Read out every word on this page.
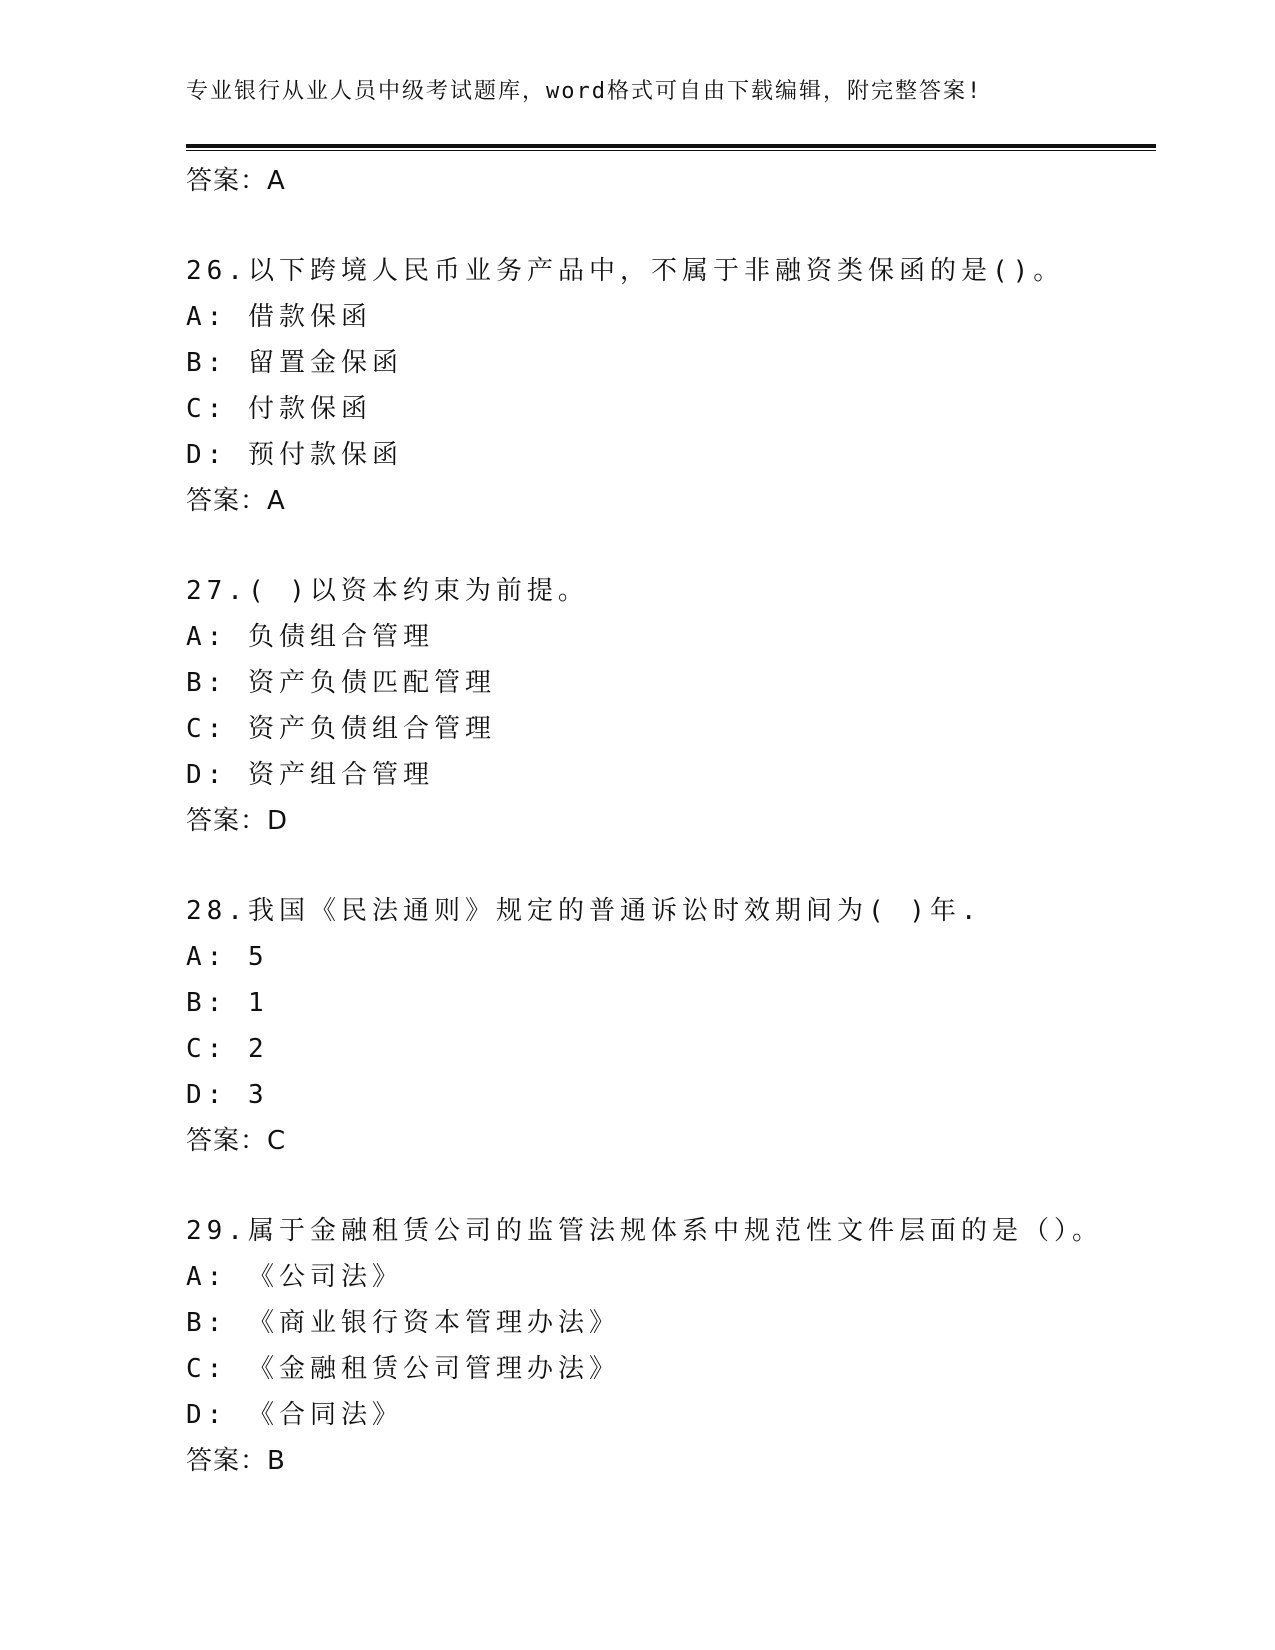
专业银行从业人员中级考试题库，word格式可自由下载编辑，附完整答案!
答案：A
26.以下跨境人民币业务产品中，不属于非融资类保函的是()。
A: 借款保函
B: 留置金保函
C: 付款保函
D: 预付款保函
答案：A
27.( )以资本约束为前提。
A: 负债组合管理
B: 资产负债匹配管理
C: 资产负债组合管理
D: 资产组合管理
答案：D
28.我国《民法通则》规定的普通诉讼时效期间为( )年.
A: 5
B: 1
C: 2
D: 3
答案：C
29.属于金融租赁公司的监管法规体系中规范性文件层面的是（）。
A: 《公司法》
B: 《商业银行资本管理办法》
C: 《金融租赁公司管理办法》
D: 《合同法》
答案：B
